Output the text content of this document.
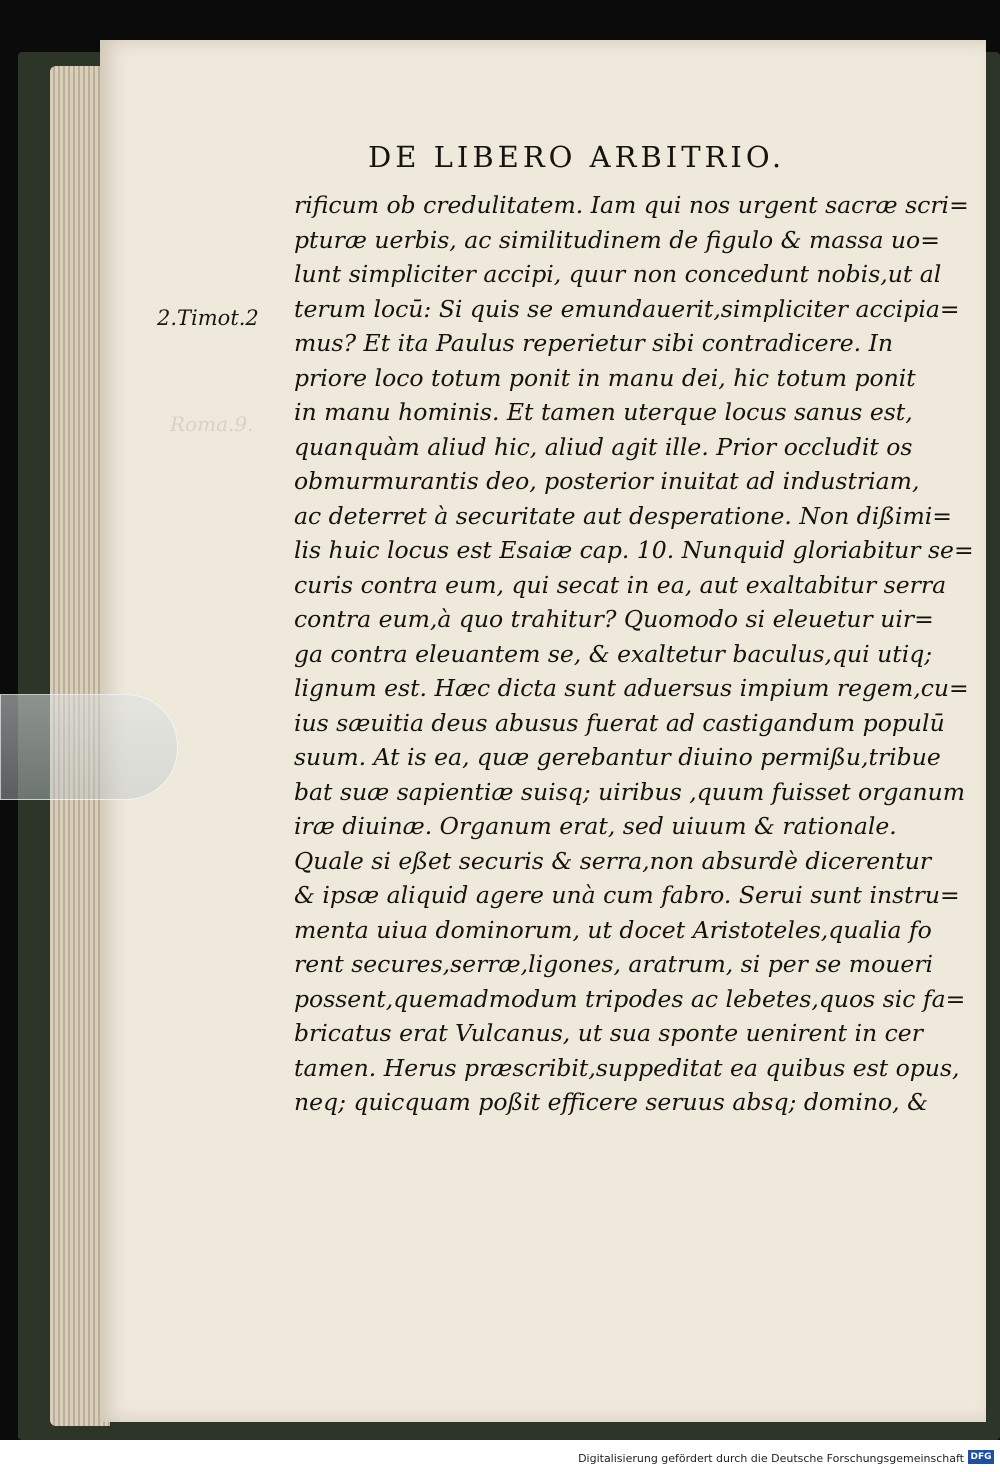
DE LIBERO ARBITRIO.
2.Timot.2
Roma.9.
rificum ob credulitatem. Iam qui nos urgent sacræ scri=
pturæ uerbis, ac similitudinem de figulo & massa uo=
lunt simpliciter accipi, quur non concedunt nobis,ut al
terum locū: Si quis se emundauerit,simpliciter accipia=
mus? Et ita Paulus reperietur sibi contradicere. In
priore loco totum ponit in manu dei, hic totum ponit
in manu hominis. Et tamen uterque locus sanus est,
quanquàm aliud hic, aliud agit ille. Prior occludit os
obmurmurantis deo, posterior inuitat ad industriam,
ac deterret à securitate aut desperatione. Non dißimi=
lis huic locus est Esaiæ cap. 10. Nunquid gloriabitur se=
curis contra eum, qui secat in ea, aut exaltabitur serra
contra eum,à quo trahitur? Quomodo si eleuetur uir=
ga contra eleuantem se, & exaltetur baculus,qui utiq;
lignum est. Hæc dicta sunt aduersus impium regem,cu=
ius sæuitia deus abusus fuerat ad castigandum populū
suum. At is ea, quæ gerebantur diuino permißu,tribue
bat suæ sapientiæ suisq; uiribus ,quum fuisset organum
iræ diuinæ. Organum erat, sed uiuum & rationale.
Quale si eßet securis & serra,non absurdè dicerentur
& ipsæ aliquid agere unà cum fabro. Serui sunt instru=
menta uiua dominorum, ut docet Aristoteles,qualia fo
rent secures,serræ,ligones, aratrum, si per se moueri
possent,quemadmodum tripodes ac lebetes,quos sic fa=
bricatus erat Vulcanus, ut sua sponte uenirent in cer
tamen. Herus præscribit,suppeditat ea quibus est opus,
neq; quicquam poßit efficere seruus absq; domino, &
Digitalisierung gefördert durch die Deutsche Forschungsgemeinschaft DFG
